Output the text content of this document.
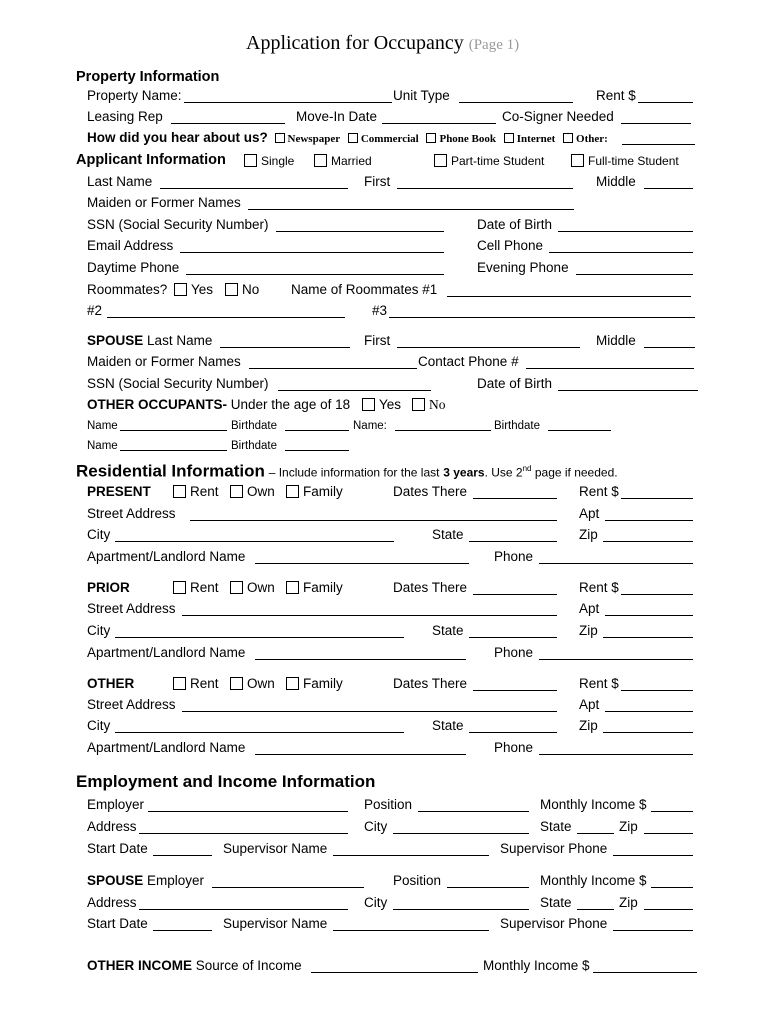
Application for Occupancy (Page 1)
Property Information
Property Name:	Unit Type	Rent $
Leasing Rep	Move-In Date	Co-Signer Needed
How did you hear about us? Newspaper Commercial Phone Book Internet Other:
Applicant Information	Single	Married	Part-time Student	Full-time Student
Last Name	First	Middle
Maiden or Former Names
SSN (Social Security Number)	Date of Birth
Email Address	Cell Phone
Daytime Phone	Evening Phone
Roommates?	Yes	No Name of Roommates #1
#2	#3
SPOUSE Last Name	First	Middle
Maiden or Former Names	Contact Phone #
SSN (Social Security Number)	Date of Birth
OTHER OCCUPANTS- Under the age of 18	Yes	No
Name	Birthdate	Name:	Birthdate
Name	Birthdate
Residential Information – Include information for the last 3 years. Use 2nd page if needed.
PRESENT	Rent	Own	Family	Dates There	Rent $
Street Address	Apt
City	State	Zip
Apartment/Landlord Name	Phone
PRIOR	Rent	Own	Family	Dates There	Rent $
Street Address	Apt
City	State	Zip
Apartment/Landlord Name	Phone
OTHER	Rent	Own	Family	Dates There	Rent $
Street Address	Apt
City	State	Zip
Apartment/Landlord Name	Phone
Employment and Income Information
Employer	Position	Monthly Income $
Address	City	State	Zip
Start Date	Supervisor Name	Supervisor Phone
SPOUSE Employer	Position	Monthly Income $
Address	City	State	Zip
Start Date	Supervisor Name	Supervisor Phone
OTHER INCOME Source of Income	Monthly Income $
